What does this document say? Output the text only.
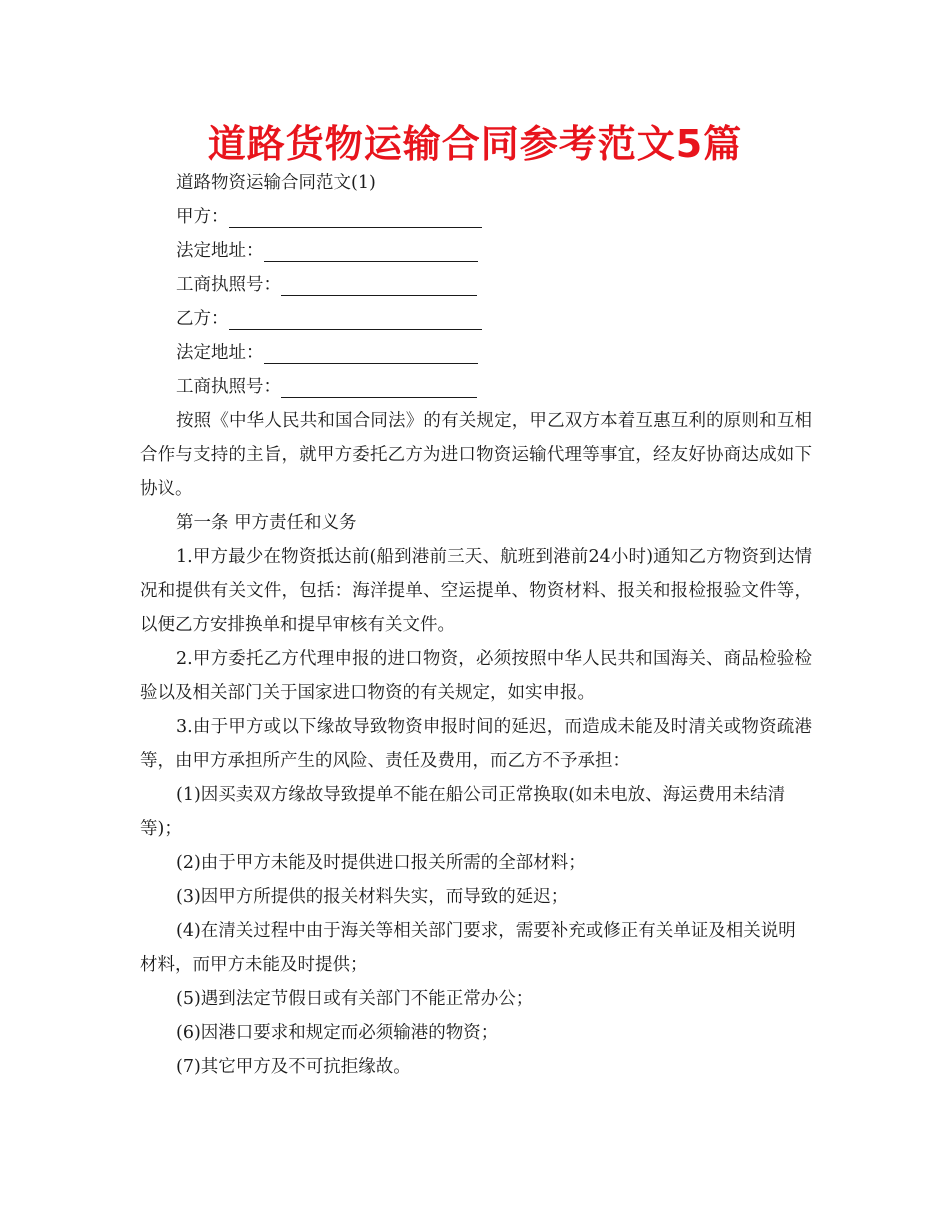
道路货物运输合同参考范文5篇
道路物资运输合同范文(1)
甲方：
法定地址：
工商执照号：
乙方：
法定地址：
工商执照号：
按照《中华人民共和国合同法》的有关规定，甲乙双方本着互惠互利的原则和互相合作与支持的主旨，就甲方委托乙方为进口物资运输代理等事宜，经友好协商达成如下协议。
第一条 甲方责任和义务
1.甲方最少在物资抵达前(船到港前三天、航班到港前24小时)通知乙方物资到达情况和提供有关文件，包括：海洋提单、空运提单、物资材料、报关和报检报验文件等，以便乙方安排换单和提早审核有关文件。
2.甲方委托乙方代理申报的进口物资，必须按照中华人民共和国海关、商品检验检验以及相关部门关于国家进口物资的有关规定，如实申报。
3.由于甲方或以下缘故导致物资申报时间的延迟，而造成未能及时清关或物资疏港等，由甲方承担所产生的风险、责任及费用，而乙方不予承担：
(1)因买卖双方缘故导致提单不能在船公司正常换取(如未电放、海运费用未结清等)；
(2)由于甲方未能及时提供进口报关所需的全部材料；
(3)因甲方所提供的报关材料失实，而导致的延迟；
(4)在清关过程中由于海关等相关部门要求，需要补充或修正有关单证及相关说明材料，而甲方未能及时提供；
(5)遇到法定节假日或有关部门不能正常办公；
(6)因港口要求和规定而必须输港的物资；
(7)其它甲方及不可抗拒缘故。
